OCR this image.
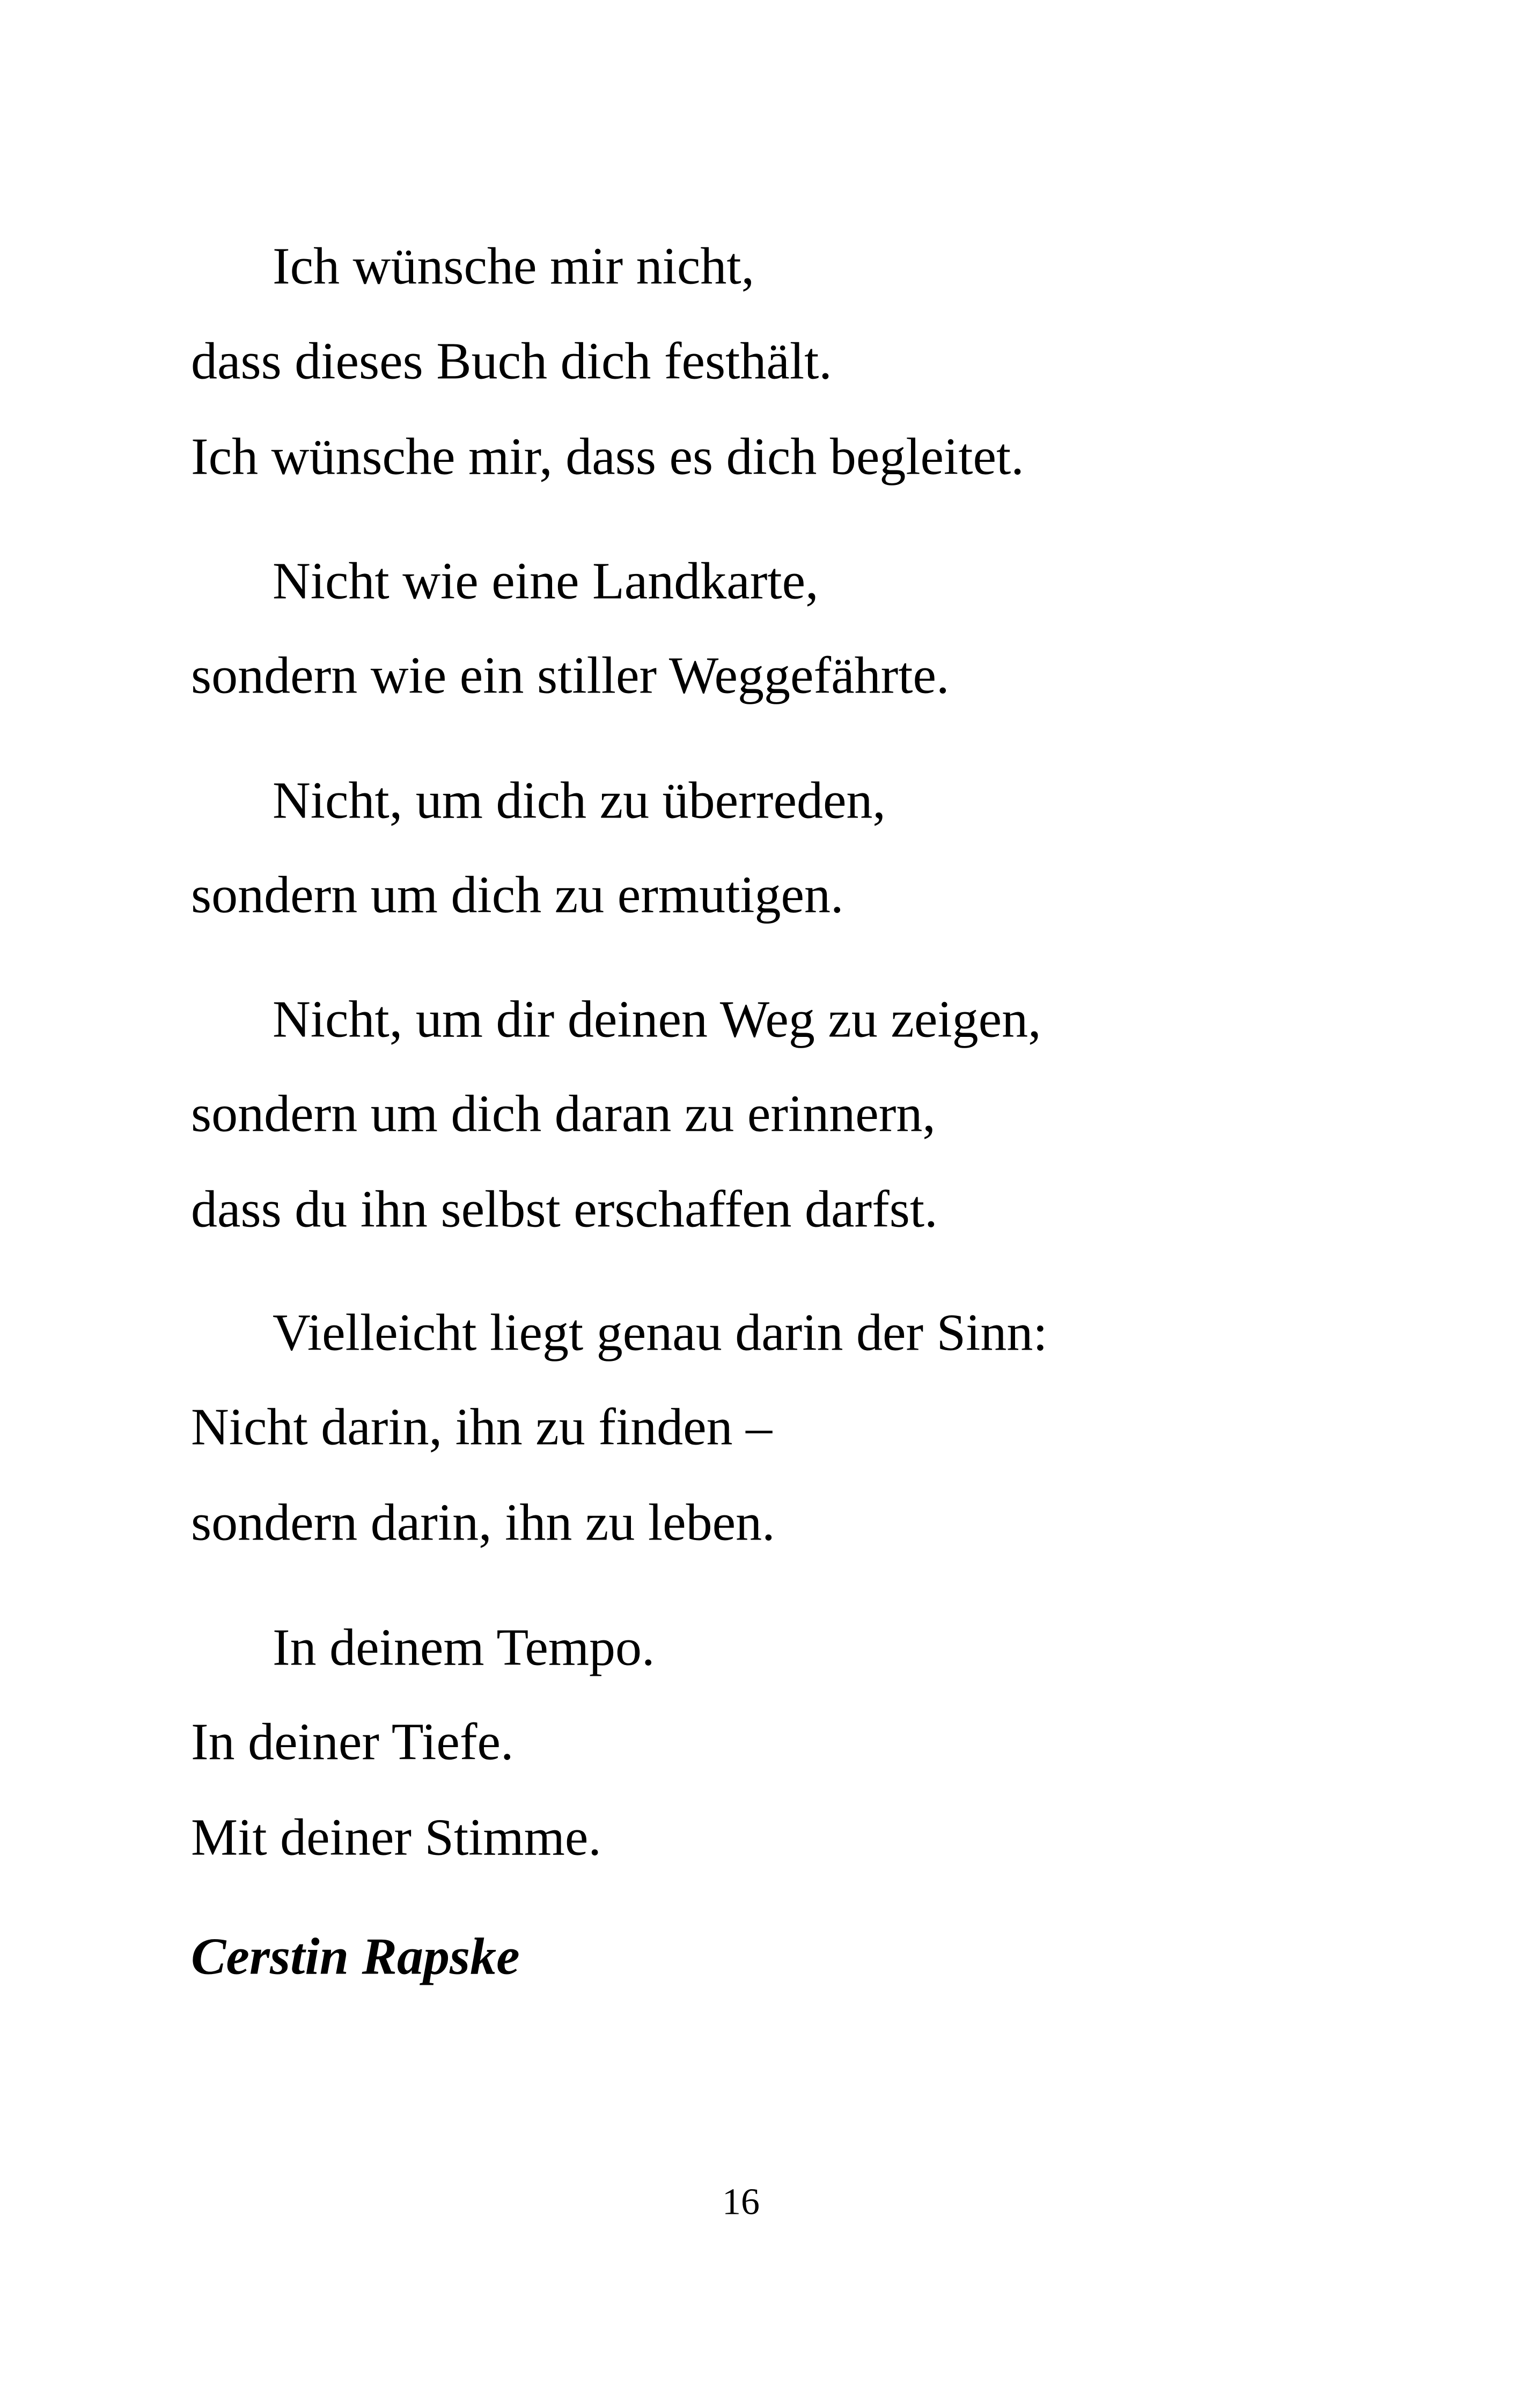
Ich wünsche mir nicht,
dass dieses Buch dich festhält.
Ich wünsche mir, dass es dich begleitet.
Nicht wie eine Landkarte,
sondern wie ein stiller Weggefährte.
Nicht, um dich zu überreden,
sondern um dich zu ermutigen.
Nicht, um dir deinen Weg zu zeigen,
sondern um dich daran zu erinnern,
dass du ihn selbst erschaffen darfst.
Vielleicht liegt genau darin der Sinn:
Nicht darin, ihn zu finden –
sondern darin, ihn zu leben.
In deinem Tempo.
In deiner Tiefe.
Mit deiner Stimme.
Cerstin Rapske
16
